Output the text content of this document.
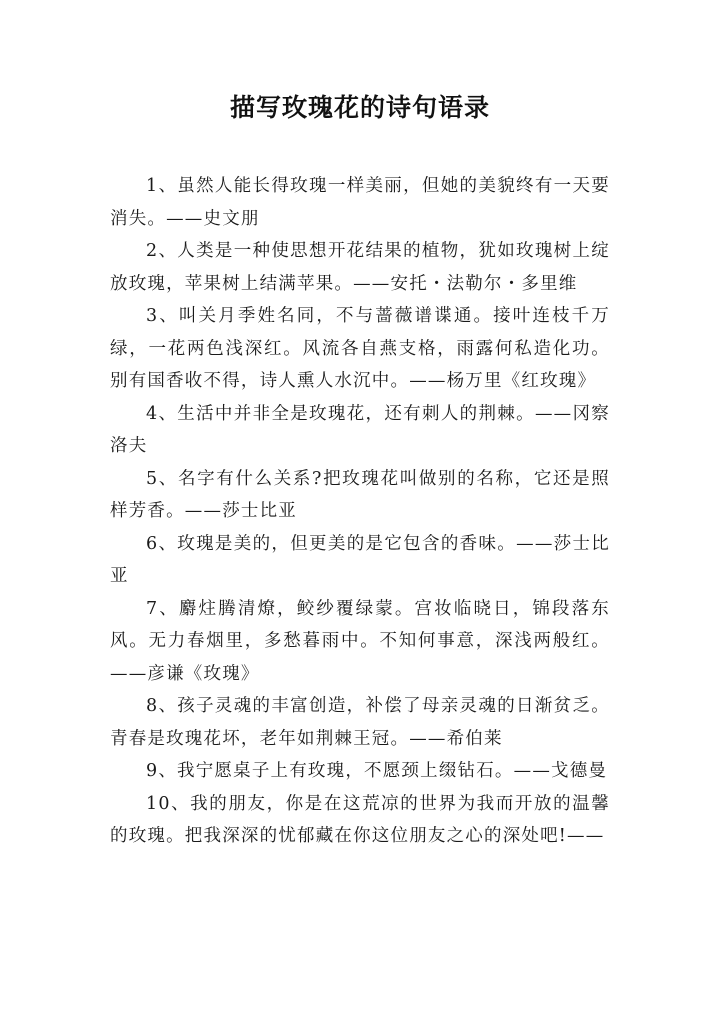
描写玫瑰花的诗句语录

1、虽然人能长得玫瑰一样美丽，但她的美貌终有一天要消失。——史文朋

2、人类是一种使思想开花结果的植物，犹如玫瑰树上绽放玫瑰，苹果树上结满苹果。——安托・法勒尔・多里维

3、叫关月季姓名同，不与蔷薇谱谍通。接叶连枝千万绿，一花两色浅深红。风流各自燕支格，雨露何私造化功。别有国香收不得，诗人熏人水沉中。——杨万里《红玫瑰》

4、生活中并非全是玫瑰花，还有刺人的荆棘。——冈察洛夫

5、名字有什么关系?把玫瑰花叫做别的名称，它还是照样芳香。——莎士比亚

6、玫瑰是美的，但更美的是它包含的香味。——莎士比亚

7、麝炷腾清燎，鲛纱覆绿蒙。宫妆临晓日，锦段落东风。无力春烟里，多愁暮雨中。不知何事意，深浅两般红。——彦谦《玫瑰》

8、孩子灵魂的丰富创造，补偿了母亲灵魂的日渐贫乏。青春是玫瑰花坏，老年如荆棘王冠。——希伯莱

9、我宁愿桌子上有玫瑰，不愿颈上缀钻石。——戈德曼

10、我的朋友，你是在这荒凉的世界为我而开放的温馨的玫瑰。把我深深的忧郁藏在你这位朋友之心的深处吧!——
